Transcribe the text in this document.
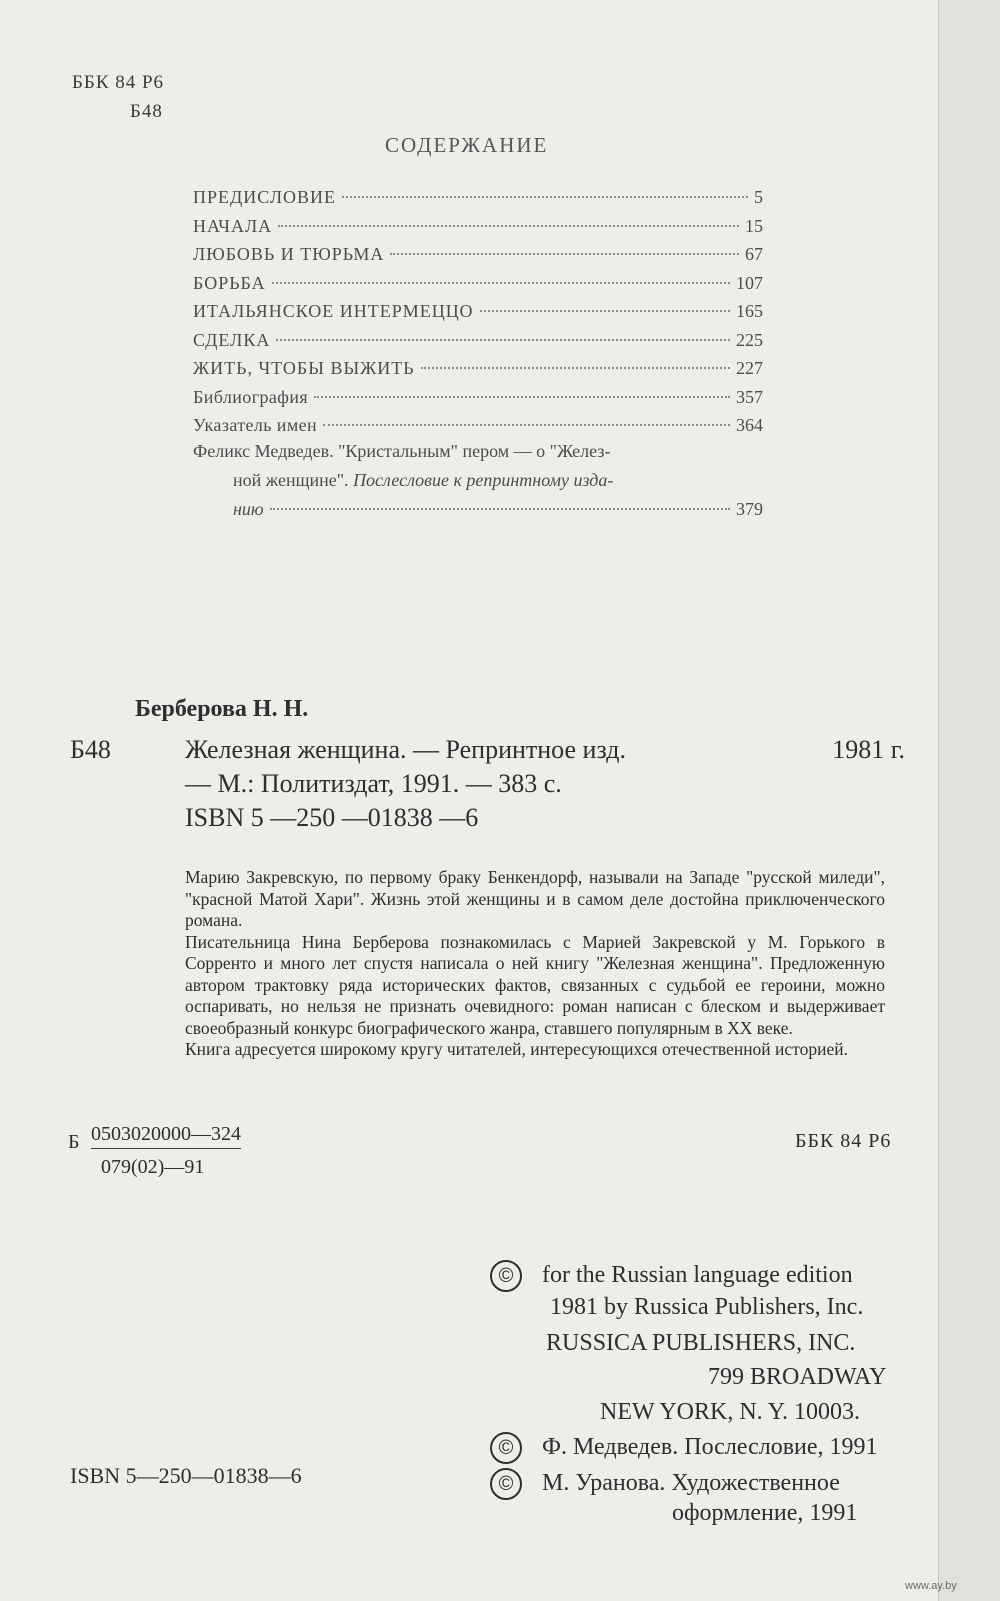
ББК 84 Р6
Б48
СОДЕРЖАНИЕ
ПРЕДИСЛОВИЕ	5
НАЧАЛА	15
ЛЮБОВЬ И ТЮРЬМА	67
БОРЬБА	107
ИТАЛЬЯНСКОЕ ИНТЕРМЕЦЦО	165
СДЕЛКА	225
ЖИТЬ, ЧТОБЫ ВЫЖИТЬ	227
Библиография	357
Указатель имен	364
Феликс Медведев. "Кристальным" пером — о "Желез-
ной женщине". Послесловие к репринтному изда-
нию	379
Берберова Н. Н.
Б48	Железная женщина. — Репринтное изд.	1981 г.
— М.: Политиздат, 1991. — 383 с.
ISBN 5 —250 —01838 —6

Марию Закревскую, по первому браку Бенкендорф, называли на Западе "русской миледи", "красной Матой Хари". Жизнь этой женщины и в самом деле достойна приключенческого романа.

Писательница Нина Берберова познакомилась с Марией Закревской у М. Горького в Сорренто и много лет спустя написала о ней книгу "Железная женщина". Предложенную автором трактовку ряда исторических фактов, связанных с судьбой ее героини, можно оспаривать, но нельзя не признать очевидного: роман написан с блеском и выдерживает своеобразный конкурс биографического жанра, ставшего популярным в XX веке.

Книга адресуется широкому кругу читателей, интересующихся отечественной историей.

Б 0503020000—324
079(02)—91
ББК 84 Р6
© for the Russian language edition
1981 by Russica Publishers, Inc.
RUSSICA PUBLISHERS, INC.
799 BROADWAY
NEW YORK, N. Y. 10003.
© Ф. Медведев. Послесловие, 1991
© М. Уранова. Художественное
оформление, 1991
ISBN 5—250—01838—6
www.ay.by
